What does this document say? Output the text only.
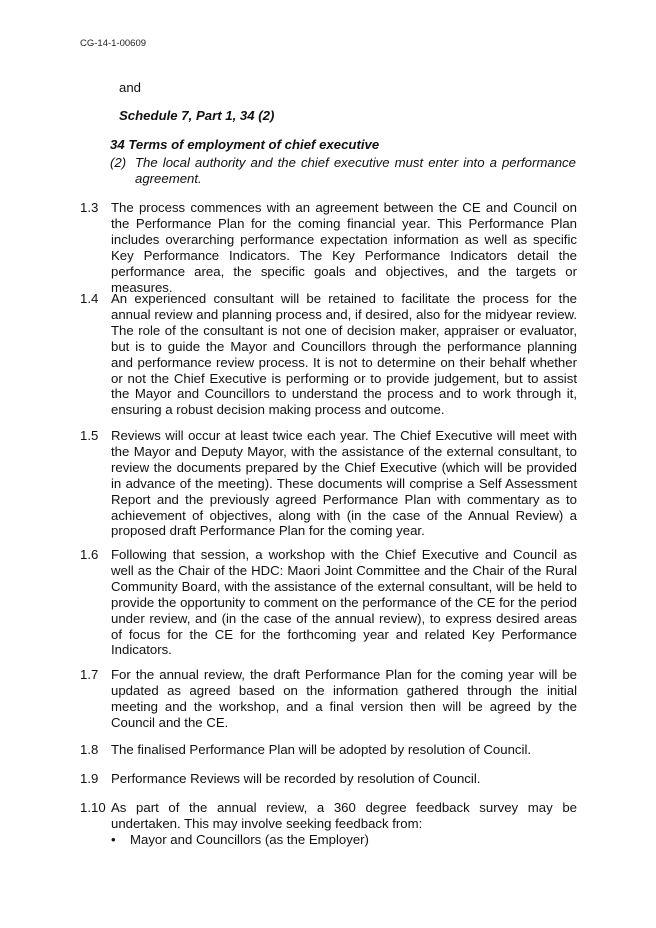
CG-14-1-00609
and
Schedule 7, Part 1, 34 (2)
34 Terms of employment of chief executive
(2) The local authority and the chief executive must enter into a performance agreement.
1.3 The process commences with an agreement between the CE and Council on the Performance Plan for the coming financial year. This Performance Plan includes overarching performance expectation information as well as specific Key Performance Indicators. The Key Performance Indicators detail the performance area, the specific goals and objectives, and the targets or measures.
1.4 An experienced consultant will be retained to facilitate the process for the annual review and planning process and, if desired, also for the midyear review. The role of the consultant is not one of decision maker, appraiser or evaluator, but is to guide the Mayor and Councillors through the performance planning and performance review process. It is not to determine on their behalf whether or not the Chief Executive is performing or to provide judgement, but to assist the Mayor and Councillors to understand the process and to work through it, ensuring a robust decision making process and outcome.
1.5 Reviews will occur at least twice each year. The Chief Executive will meet with the Mayor and Deputy Mayor, with the assistance of the external consultant, to review the documents prepared by the Chief Executive (which will be provided in advance of the meeting). These documents will comprise a Self Assessment Report and the previously agreed Performance Plan with commentary as to achievement of objectives, along with (in the case of the Annual Review) a proposed draft Performance Plan for the coming year.
1.6 Following that session, a workshop with the Chief Executive and Council as well as the Chair of the HDC: Maori Joint Committee and the Chair of the Rural Community Board, with the assistance of the external consultant, will be held to provide the opportunity to comment on the performance of the CE for the period under review, and (in the case of the annual review), to express desired areas of focus for the CE for the forthcoming year and related Key Performance Indicators.
1.7 For the annual review, the draft Performance Plan for the coming year will be updated as agreed based on the information gathered through the initial meeting and the workshop, and a final version then will be agreed by the Council and the CE.
1.8 The finalised Performance Plan will be adopted by resolution of Council.
1.9 Performance Reviews will be recorded by resolution of Council.
1.10 As part of the annual review, a 360 degree feedback survey may be undertaken. This may involve seeking feedback from:
• Mayor and Councillors (as the Employer)
